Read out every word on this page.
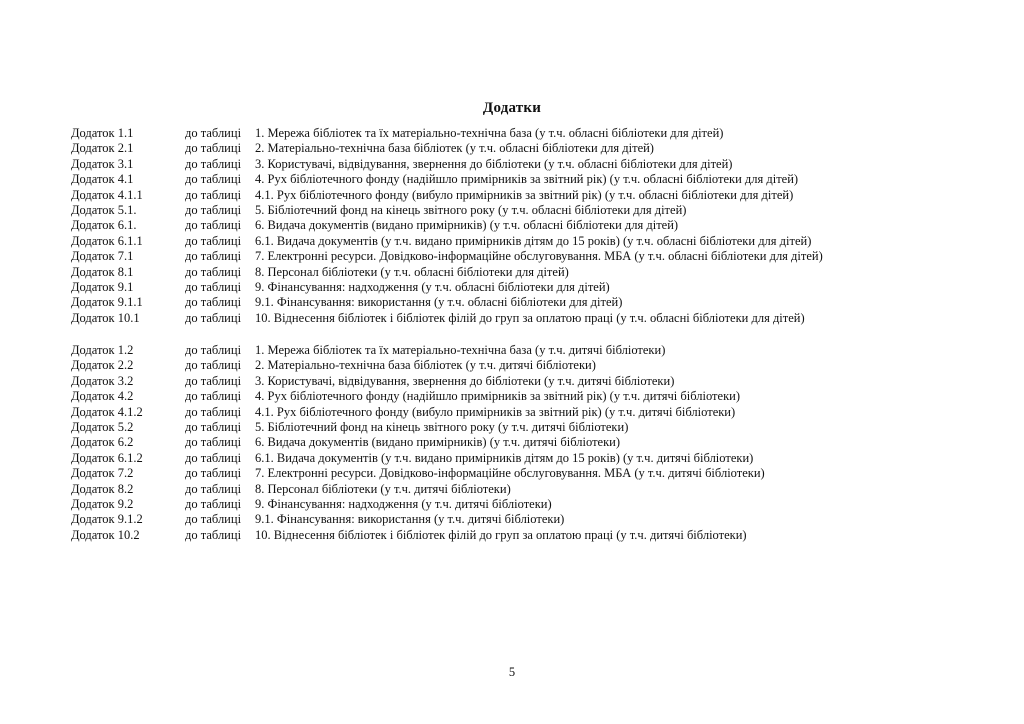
Додатки
Додаток 1.1	до таблиці	1. Мережа бібліотек та їх матеріально-технічна база (у т.ч. обласні бібліотеки для дітей)
Додаток 2.1	до таблиці	2. Матеріально-технічна база бібліотек (у т.ч. обласні бібліотеки для дітей)
Додаток 3.1	до таблиці	3. Користувачі, відвідування, звернення до бібліотеки (у т.ч. обласні бібліотеки для дітей)
Додаток 4.1	до таблиці	4. Рух бібліотечного фонду (надійшло примірників за звітний рік) (у т.ч. обласні бібліотеки для дітей)
Додаток 4.1.1	до таблиці	4.1. Рух бібліотечного фонду (вибуло примірників за звітний рік) (у т.ч. обласні бібліотеки для дітей)
Додаток 5.1.	до таблиці	5. Бібліотечний фонд на кінець звітного року (у т.ч. обласні бібліотеки для дітей)
Додаток 6.1.	до таблиці	6. Видача документів (видано примірників) (у т.ч. обласні бібліотеки для дітей)
Додаток 6.1.1	до таблиці	6.1. Видача документів (у т.ч. видано примірників дітям до 15 років) (у т.ч. обласні бібліотеки для дітей)
Додаток 7.1	до таблиці	7. Електронні ресурси. Довідково-інформаційне обслуговування. МБА (у т.ч. обласні бібліотеки для дітей)
Додаток 8.1	до таблиці	8. Персонал бібліотеки (у т.ч. обласні бібліотеки для дітей)
Додаток 9.1	до таблиці	9. Фінансування: надходження (у т.ч. обласні бібліотеки для дітей)
Додаток 9.1.1	до таблиці	9.1. Фінансування: використання (у т.ч. обласні бібліотеки для дітей)
Додаток 10.1	до таблиці	10. Віднесення бібліотек і бібліотек філій до груп за оплатою праці (у т.ч. обласні бібліотеки для дітей)
Додаток 1.2	до таблиці	1. Мережа бібліотек та їх матеріально-технічна база (у т.ч. дитячі бібліотеки)
Додаток 2.2	до таблиці	2. Матеріально-технічна база бібліотек (у т.ч. дитячі бібліотеки)
Додаток 3.2	до таблиці	3. Користувачі, відвідування, звернення до бібліотеки (у т.ч. дитячі бібліотеки)
Додаток 4.2	до таблиці	4. Рух бібліотечного фонду (надійшло примірників за звітний рік) (у т.ч. дитячі бібліотеки)
Додаток 4.1.2	до таблиці	4.1. Рух бібліотечного фонду (вибуло примірників за звітний рік) (у т.ч. дитячі бібліотеки)
Додаток 5.2	до таблиці	5. Бібліотечний фонд на кінець звітного року (у т.ч. дитячі бібліотеки)
Додаток 6.2	до таблиці	6. Видача документів (видано примірників) (у т.ч. дитячі бібліотеки)
Додаток 6.1.2	до таблиці	6.1. Видача документів (у т.ч. видано примірників дітям до 15 років) (у т.ч. дитячі бібліотеки)
Додаток 7.2	до таблиці	7. Електронні ресурси. Довідково-інформаційне обслуговування. МБА (у т.ч. дитячі бібліотеки)
Додаток 8.2	до таблиці	8. Персонал бібліотеки (у т.ч. дитячі бібліотеки)
Додаток 9.2	до таблиці	9. Фінансування: надходження (у т.ч. дитячі бібліотеки)
Додаток 9.1.2	до таблиці	9.1. Фінансування: використання (у т.ч. дитячі бібліотеки)
Додаток 10.2	до таблиці	10. Віднесення бібліотек і бібліотек філій до груп за оплатою праці (у т.ч. дитячі бібліотеки)
5
